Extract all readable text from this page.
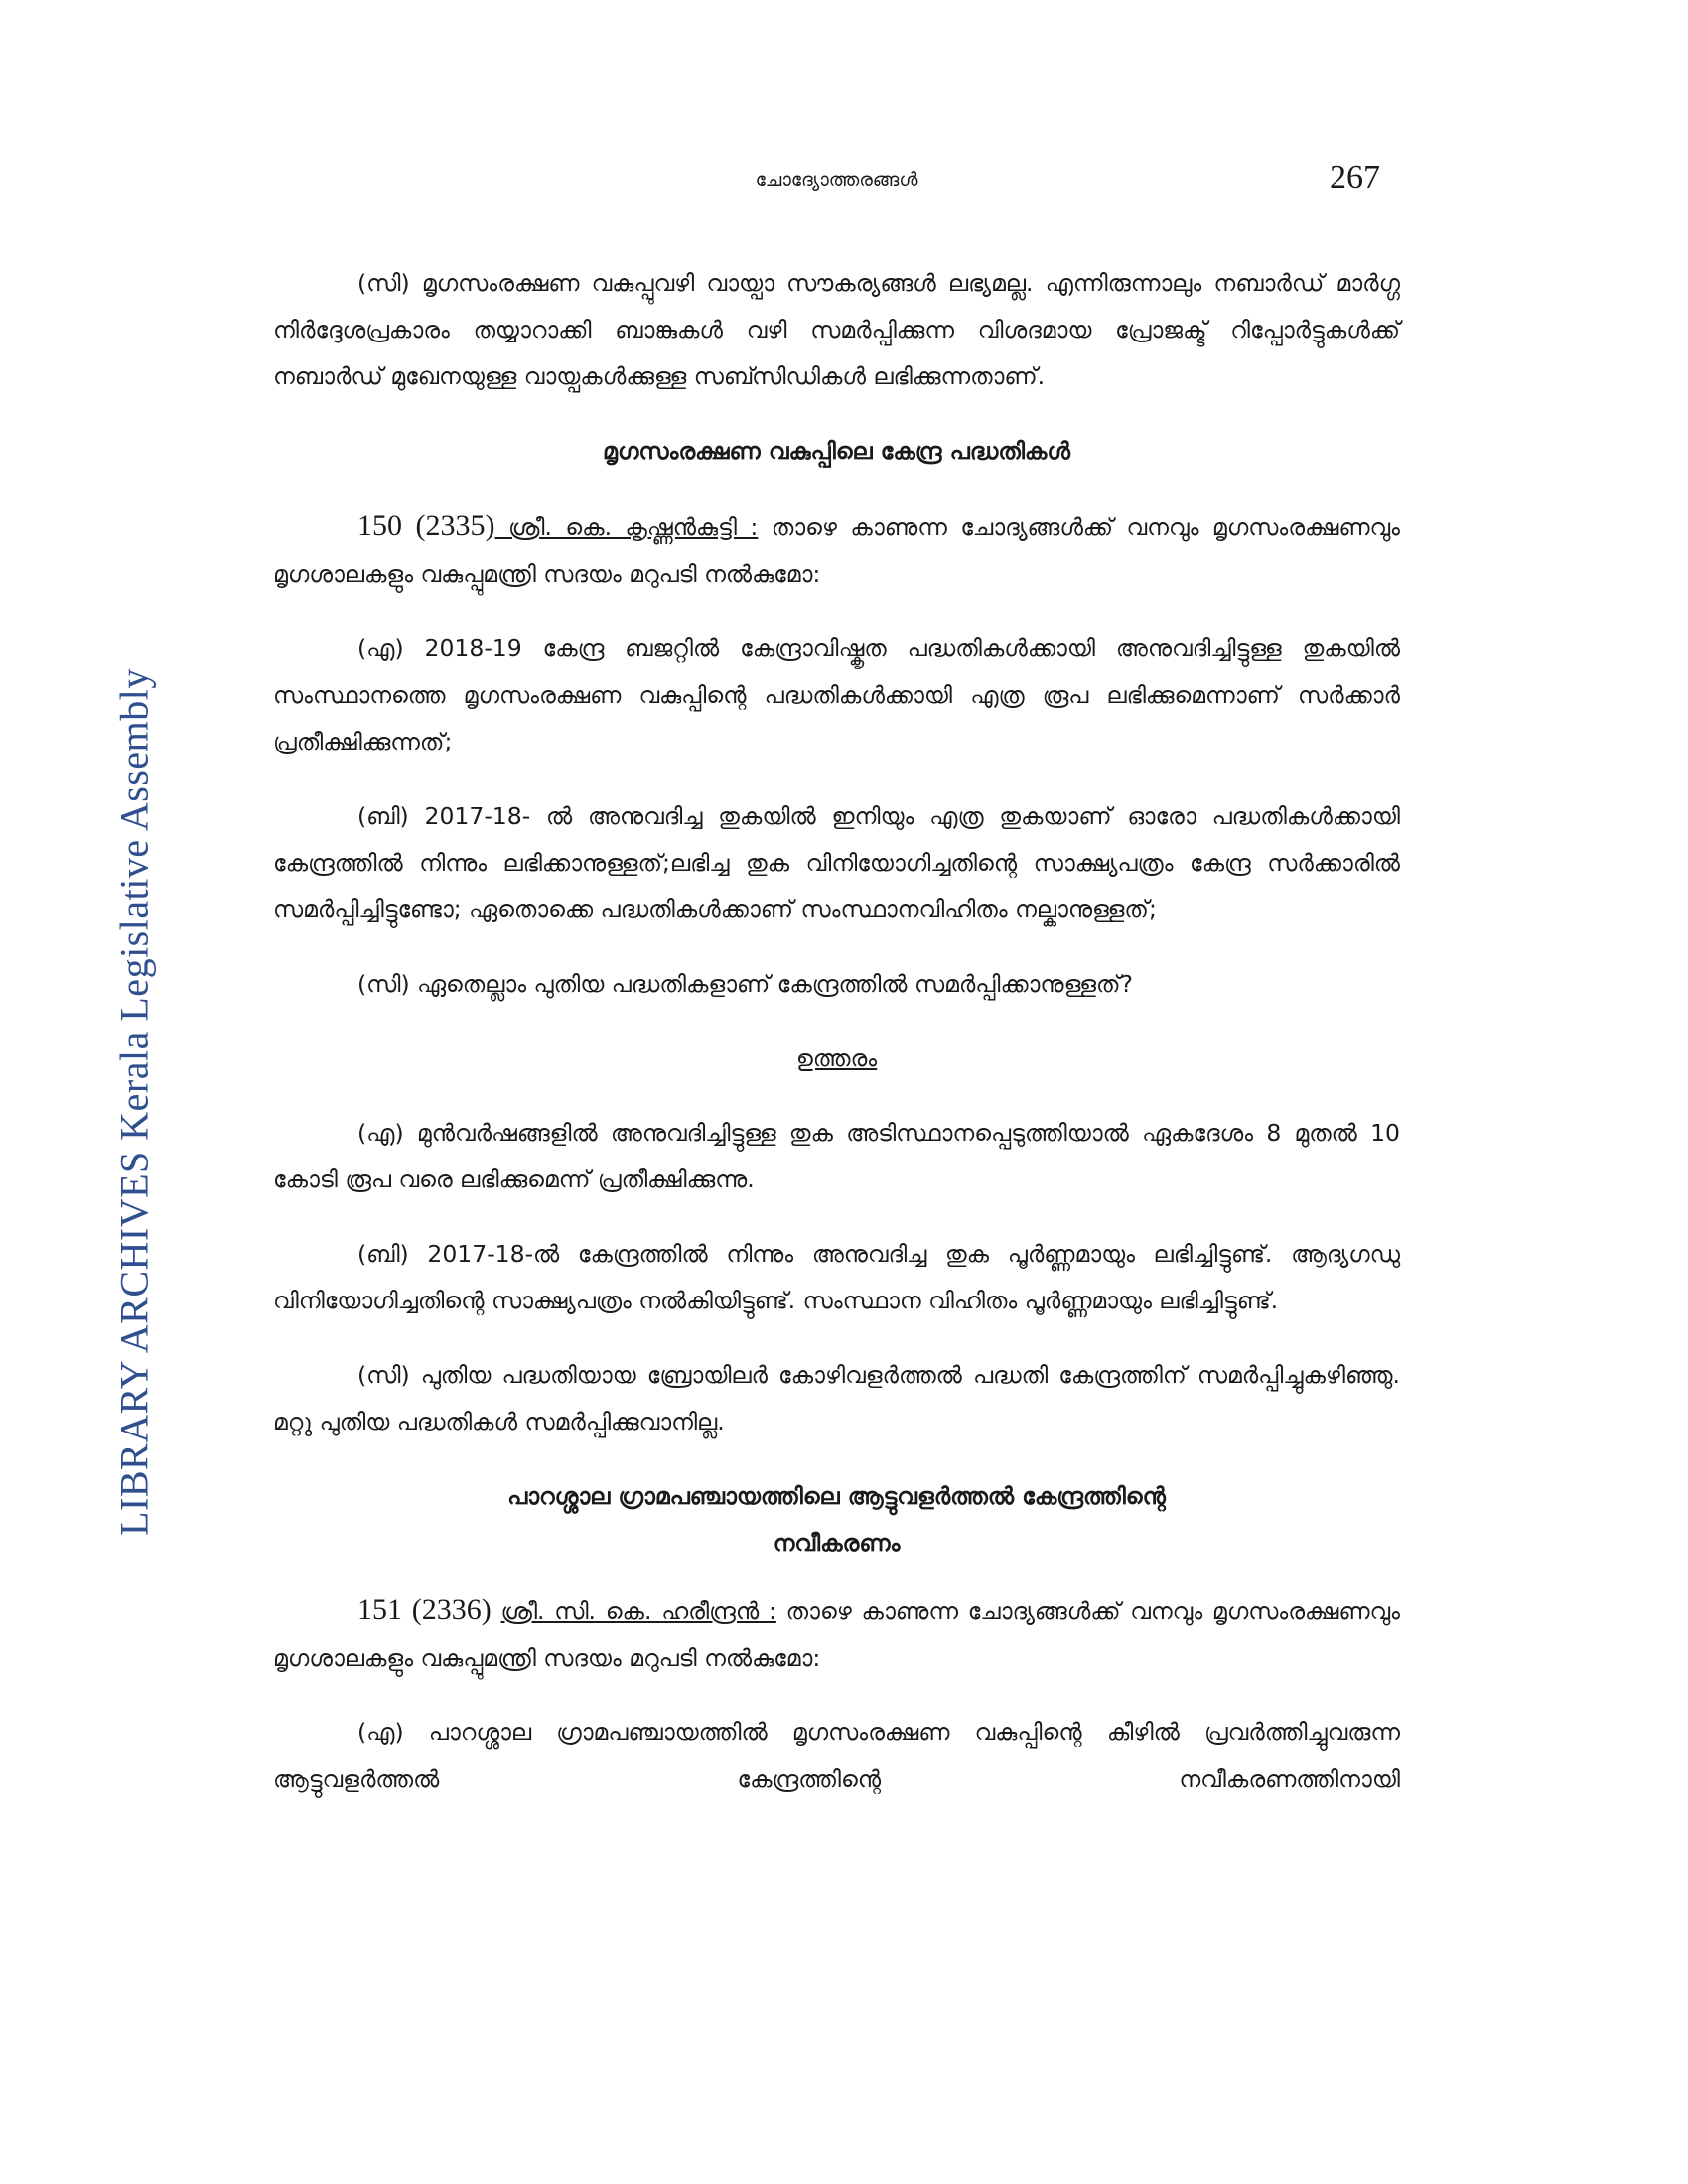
LIBRARY ARCHIVES Kerala Legislative Assembly
ചോദ്യോത്തരങ്ങൾ	267

(സി) മൃഗസംരക്ഷണ വകുപ്പുവഴി വായ്പാ സൗകര്യങ്ങൾ ലഭ്യമല്ല. എന്നിരുന്നാലും നബാർഡ് മാർഗ്ഗ നിർദ്ദേശപ്രകാരം തയ്യാറാക്കി ബാങ്കുകൾ വഴി സമർപ്പിക്കുന്ന വിശദമായ പ്രോജക്ട് റിപ്പോർട്ടുകൾക്ക് നബാർഡ് മുഖേനയുള്ള വായ്പകൾക്കുള്ള സബ്സിഡികൾ ലഭിക്കുന്നതാണ്.

മൃഗസംരക്ഷണ വകുപ്പിലെ കേന്ദ്ര പദ്ധതികൾ

150 (2335) ശ്രീ. കെ. കൃഷ്ണൻകുട്ടി : താഴെ കാണുന്ന ചോദ്യങ്ങൾക്ക് വനവും മൃഗസംരക്ഷണവും മൃഗശാലകളും വകുപ്പുമന്ത്രി സദയം മറുപടി നൽകുമോ:

(എ) 2018-19 കേന്ദ്ര ബജറ്റിൽ കേന്ദ്രാവിഷ്കൃത പദ്ധതികൾക്കായി അനുവദിച്ചിട്ടുള്ള തുകയിൽ സംസ്ഥാനത്തെ മൃഗസംരക്ഷണ വകുപ്പിന്റെ പദ്ധതികൾക്കായി എത്ര രൂപ ലഭിക്കുമെന്നാണ് സർക്കാർ പ്രതീക്ഷിക്കുന്നത്;

(ബി) 2017-18- ൽ അനുവദിച്ച തുകയിൽ ഇനിയും എത്ര തുകയാണ് ഓരോ പദ്ധതികൾക്കായി കേന്ദ്രത്തിൽ നിന്നും ലഭിക്കാനുള്ളത്;ലഭിച്ച തുക വിനിയോഗിച്ചതിന്റെ സാക്ഷ്യപത്രം കേന്ദ്ര സർക്കാരിൽ സമർപ്പിച്ചിട്ടുണ്ടോ; ഏതൊക്കെ പദ്ധതികൾക്കാണ് സംസ്ഥാനവിഹിതം നല്കാനുള്ളത്;

(സി) ഏതെല്ലാം പുതിയ പദ്ധതികളാണ് കേന്ദ്രത്തിൽ സമർപ്പിക്കാനുള്ളത്?

ഉത്തരം

(എ) മുൻവർഷങ്ങളിൽ അനുവദിച്ചിട്ടുള്ള തുക അടിസ്ഥാനപ്പെടുത്തിയാൽ ഏകദേശം 8 മുതൽ 10 കോടി രൂപ വരെ ലഭിക്കുമെന്ന് പ്രതീക്ഷിക്കുന്നു.

(ബി) 2017-18-ൽ കേന്ദ്രത്തിൽ നിന്നും അനുവദിച്ച തുക പൂർണ്ണമായും ലഭിച്ചിട്ടുണ്ട്. ആദ്യഗഡു വിനിയോഗിച്ചതിന്റെ സാക്ഷ്യപത്രം നൽകിയിട്ടുണ്ട്. സംസ്ഥാന വിഹിതം പൂർണ്ണമായും ലഭിച്ചിട്ടുണ്ട്.

(സി) പുതിയ പദ്ധതിയായ ബ്രോയിലർ കോഴിവളർത്തൽ പദ്ധതി കേന്ദ്രത്തിന് സമർപ്പിച്ചുകഴിഞ്ഞു. മറ്റു പുതിയ പദ്ധതികൾ സമർപ്പിക്കുവാനില്ല.

പാറശ്ശാല ഗ്രാമപഞ്ചായത്തിലെ ആട്ടുവളർത്തൽ കേന്ദ്രത്തിന്റെ
നവീകരണം

151 (2336) ശ്രീ. സി. കെ. ഹരീന്ദ്രൻ : താഴെ കാണുന്ന ചോദ്യങ്ങൾക്ക് വനവും മൃഗസംരക്ഷണവും മൃഗശാലകളും വകുപ്പുമന്ത്രി സദയം മറുപടി നൽകുമോ:

(എ) പാറശ്ശാല ഗ്രാമപഞ്ചായത്തിൽ മൃഗസംരക്ഷണ വകുപ്പിന്റെ കീഴിൽ പ്രവർത്തിച്ചുവരുന്ന ആട്ടുവളർത്തൽ കേന്ദ്രത്തിന്റെ നവീകരണത്തിനായി
